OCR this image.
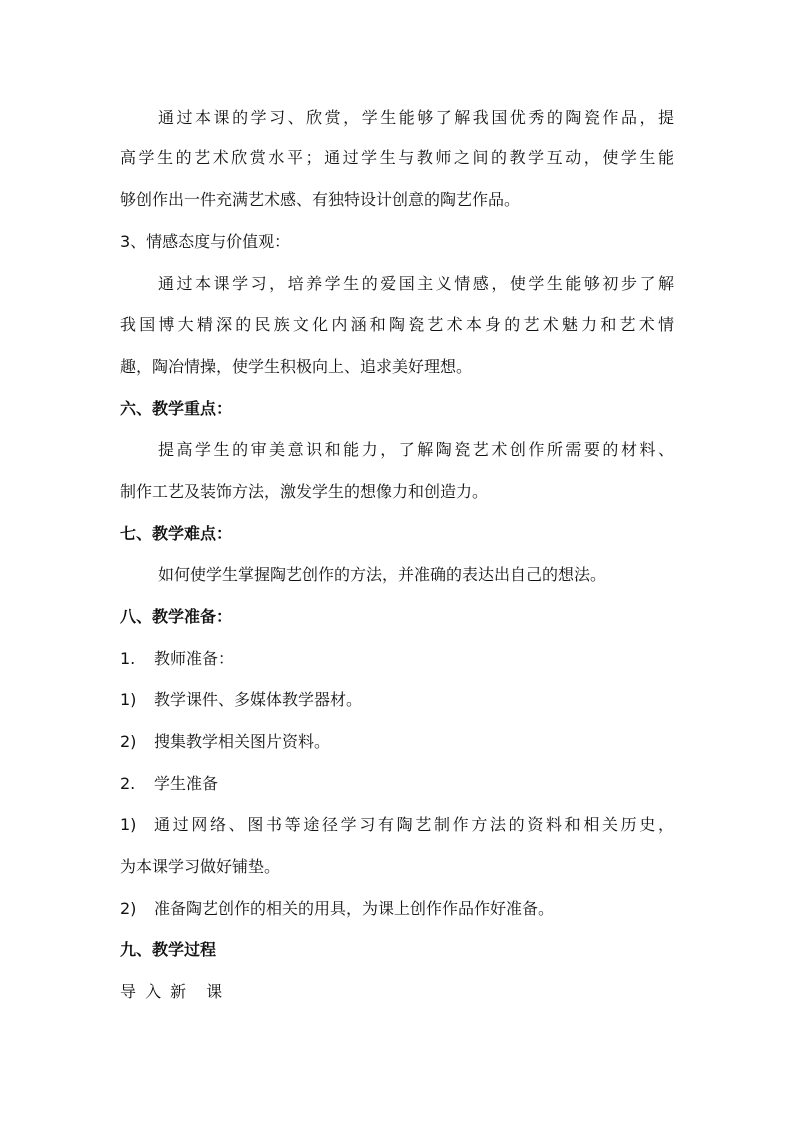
通过本课的学习、欣赏，学生能够了解我国优秀的陶瓷作品，提
高学生的艺术欣赏水平；通过学生与教师之间的教学互动，使学生能
够创作出一件充满艺术感、有独特设计创意的陶艺作品。
3、情感态度与价值观：
通过本课学习，培养学生的爱国主义情感，使学生能够初步了解
我国博大精深的民族文化内涵和陶瓷艺术本身的艺术魅力和艺术情
趣，陶冶情操，使学生积极向上、追求美好理想。
六、教学重点：
提高学生的审美意识和能力，了解陶瓷艺术创作所需要的材料、
制作工艺及装饰方法，激发学生的想像力和创造力。
七、教学难点：
如何使学生掌握陶艺创作的方法，并准确的表达出自己的想法。
八、教学准备：
1. 教师准备：
1) 教学课件、多媒体教学器材。
2) 搜集教学相关图片资料。
2. 学生准备
1) 通过网络、图书等途径学习有陶艺制作方法的资料和相关历史，
为本课学习做好铺垫。
2) 准备陶艺创作的相关的用具，为课上创作作品作好准备。
九、教学过程
导 入 新　课
